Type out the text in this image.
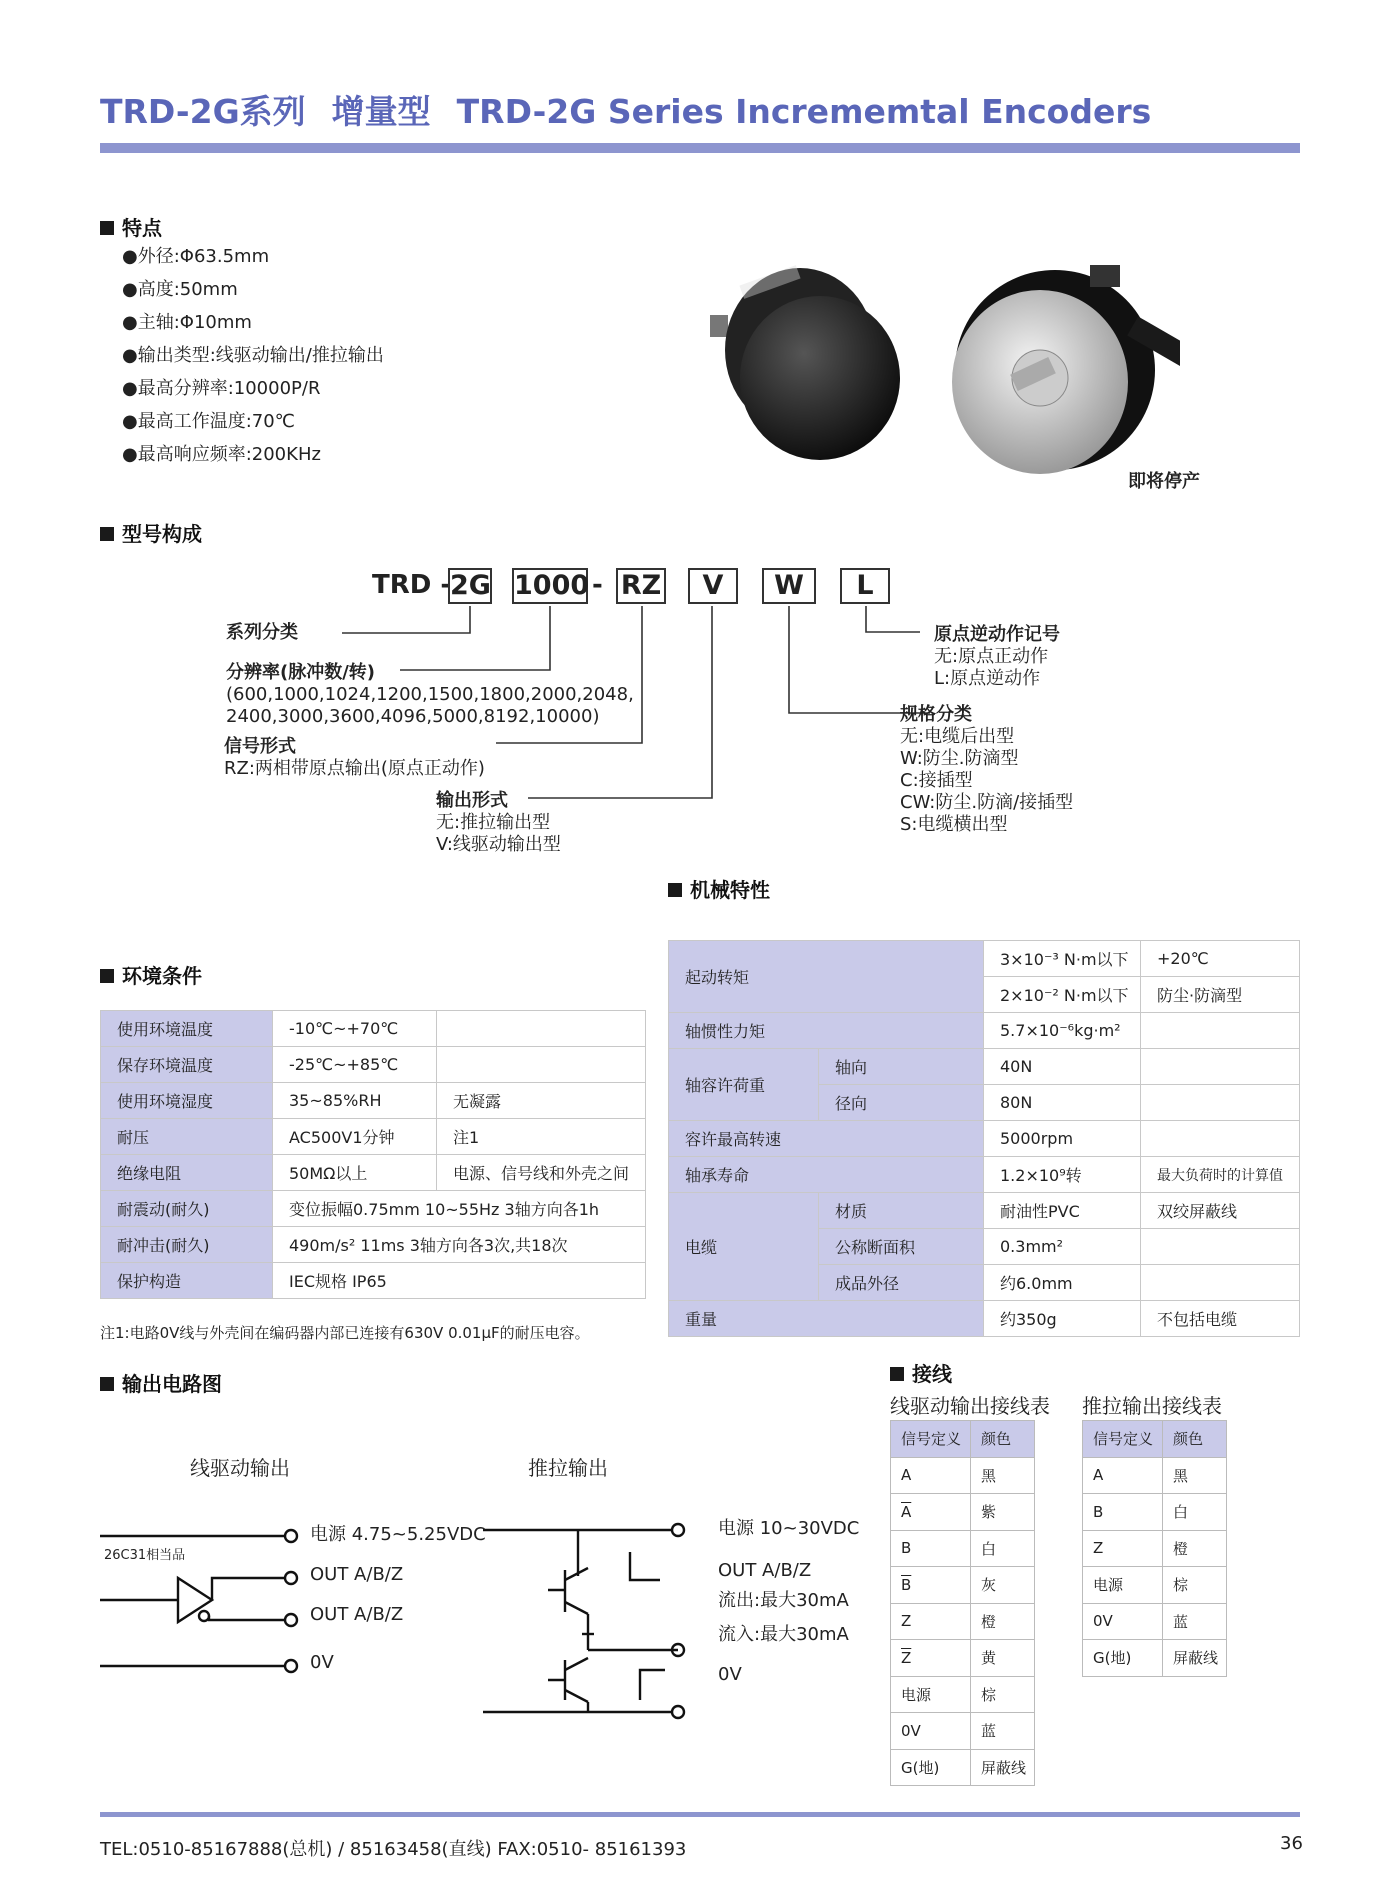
TRD-2G系列 增量型 TRD-2G Series Incrememtal Encoders
特点
● 外径:Φ63.5mm
● 高度:50mm
● 主轴:Φ10mm
● 输出类型:线驱动输出/推拉输出
● 最高分辨率:10000P/R
● 最高工作温度:70℃
● 最高响应频率:200KHz
即将停产
型号构成
TRD -
2G 1000 - RZ	V	W	L
系列分类
分辨率(脉冲数/转)
(600,1000,1024,1200,1500,1800,2000,2048,
2400,3000,3600,4096,5000,8192,10000)
信号形式
RZ:两相带原点输出(原点正动作)
输出形式
无:推拉输出型
V:线驱动输出型
原点逆动作记号
无:原点正动作
L:原点逆动作
规格分类
无:电缆后出型
W:防尘.防滴型
C:接插型
CW:防尘.防滴/接插型
S:电缆横出型
环境条件
使用环境温度	-10℃~+70℃	
保存环境温度	-25℃~+85℃	
使用环境湿度	35~85%RH	无凝露
耐压	AC500V1分钟	注1
绝缘电阻	50MΩ以上	电源、信号线和外壳之间
耐震动(耐久)	变位振幅0.75mm 10~55Hz 3轴方向各1h	
耐冲击(耐久)	490m/s² 11ms 3轴方向各3次,共18次	
保护构造	IEC规格 IP65	
注1:电路0V线与外壳间在编码器内部已连接有630V 0.01μF的耐压电容。
机械特性
起动转矩		3×10⁻³ N·m以下	+20℃
		2×10⁻² N·m以下	防尘·防滴型
轴惯性力矩		5.7×10⁻⁶kg·m²	
轴容许荷重	轴向	40N	
	径向	80N	
容许最高转速		5000rpm	
轴承寿命		1.2×10⁹转	最大负荷时的计算值
电缆	材质	耐油性PVC	双绞屏蔽线
	公称断面积	0.3mm²	
	成品外径	约6.0mm	
重量		约350g	不包括电缆
输出电路图
线驱动输出	推拉输出
电源 4.75~5.25VDC
26C31相当品
OUT A/B/Z
OUT A/B/Z
0V
电源 10~30VDC
OUT A/B/Z
流出:最大30mA
流入:最大30mA
0V
接线
线驱动输出接线表 推拉输出接线表
信号定义	颜色
A	黑
$\overline{A}$	紫
B	白
$\overline{B}$	灰
Z	橙
$\overline{Z}$	黄
电源	棕
0V	蓝
G(地)	屏蔽线
信号定义	颜色
A	黑
B	白
Z	橙
电源	棕
0V	蓝
G(地)	屏蔽线
TEL:0510-85167888(总机) / 85163458(直线) FAX:0510- 85161393	36
